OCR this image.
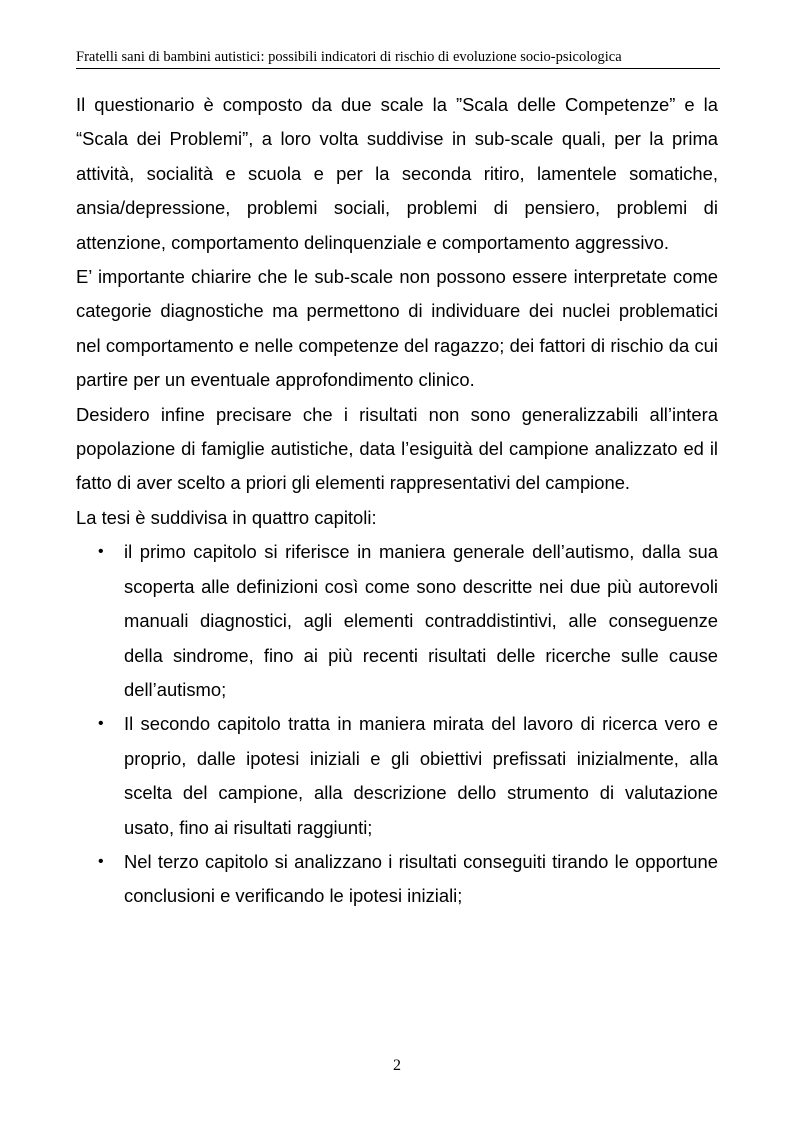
Fratelli sani di bambini autistici: possibili indicatori di rischio di evoluzione socio-psicologica

Il questionario è composto da due scale la ”Scala delle Competenze” e la “Scala dei Problemi”, a loro volta suddivise in sub-scale quali, per la prima attività, socialità e scuola e per la seconda ritiro, lamentele somatiche, ansia/depressione, problemi sociali, problemi di pensiero, problemi di attenzione, comportamento delinquenziale e comportamento aggressivo.

E’ importante chiarire che le sub-scale non possono essere interpretate come categorie diagnostiche ma permettono di individuare dei nuclei problematici nel comportamento e nelle competenze del ragazzo; dei fattori di rischio da cui partire per un eventuale approfondimento clinico.

Desidero infine precisare che i risultati non sono generalizzabili all’intera popolazione di famiglie autistiche, data l’esiguità del campione analizzato ed il fatto di aver scelto a priori gli elementi rappresentativi del campione.

La tesi è suddivisa in quattro capitoli:

• il primo capitolo si riferisce in maniera generale dell’autismo, dalla sua scoperta alle definizioni così come sono descritte nei due più autorevoli manuali diagnostici, agli elementi contraddistintivi, alle conseguenze della sindrome, fino ai più recenti risultati delle ricerche sulle cause dell’autismo;
• Il secondo capitolo tratta in maniera mirata del lavoro di ricerca vero e proprio, dalle ipotesi iniziali e gli obiettivi prefissati inizialmente, alla scelta del campione, alla descrizione dello strumento di valutazione usato, fino ai risultati raggiunti;
• Nel terzo capitolo si analizzano i risultati conseguiti tirando le opportune conclusioni e verificando le ipotesi iniziali;
2
